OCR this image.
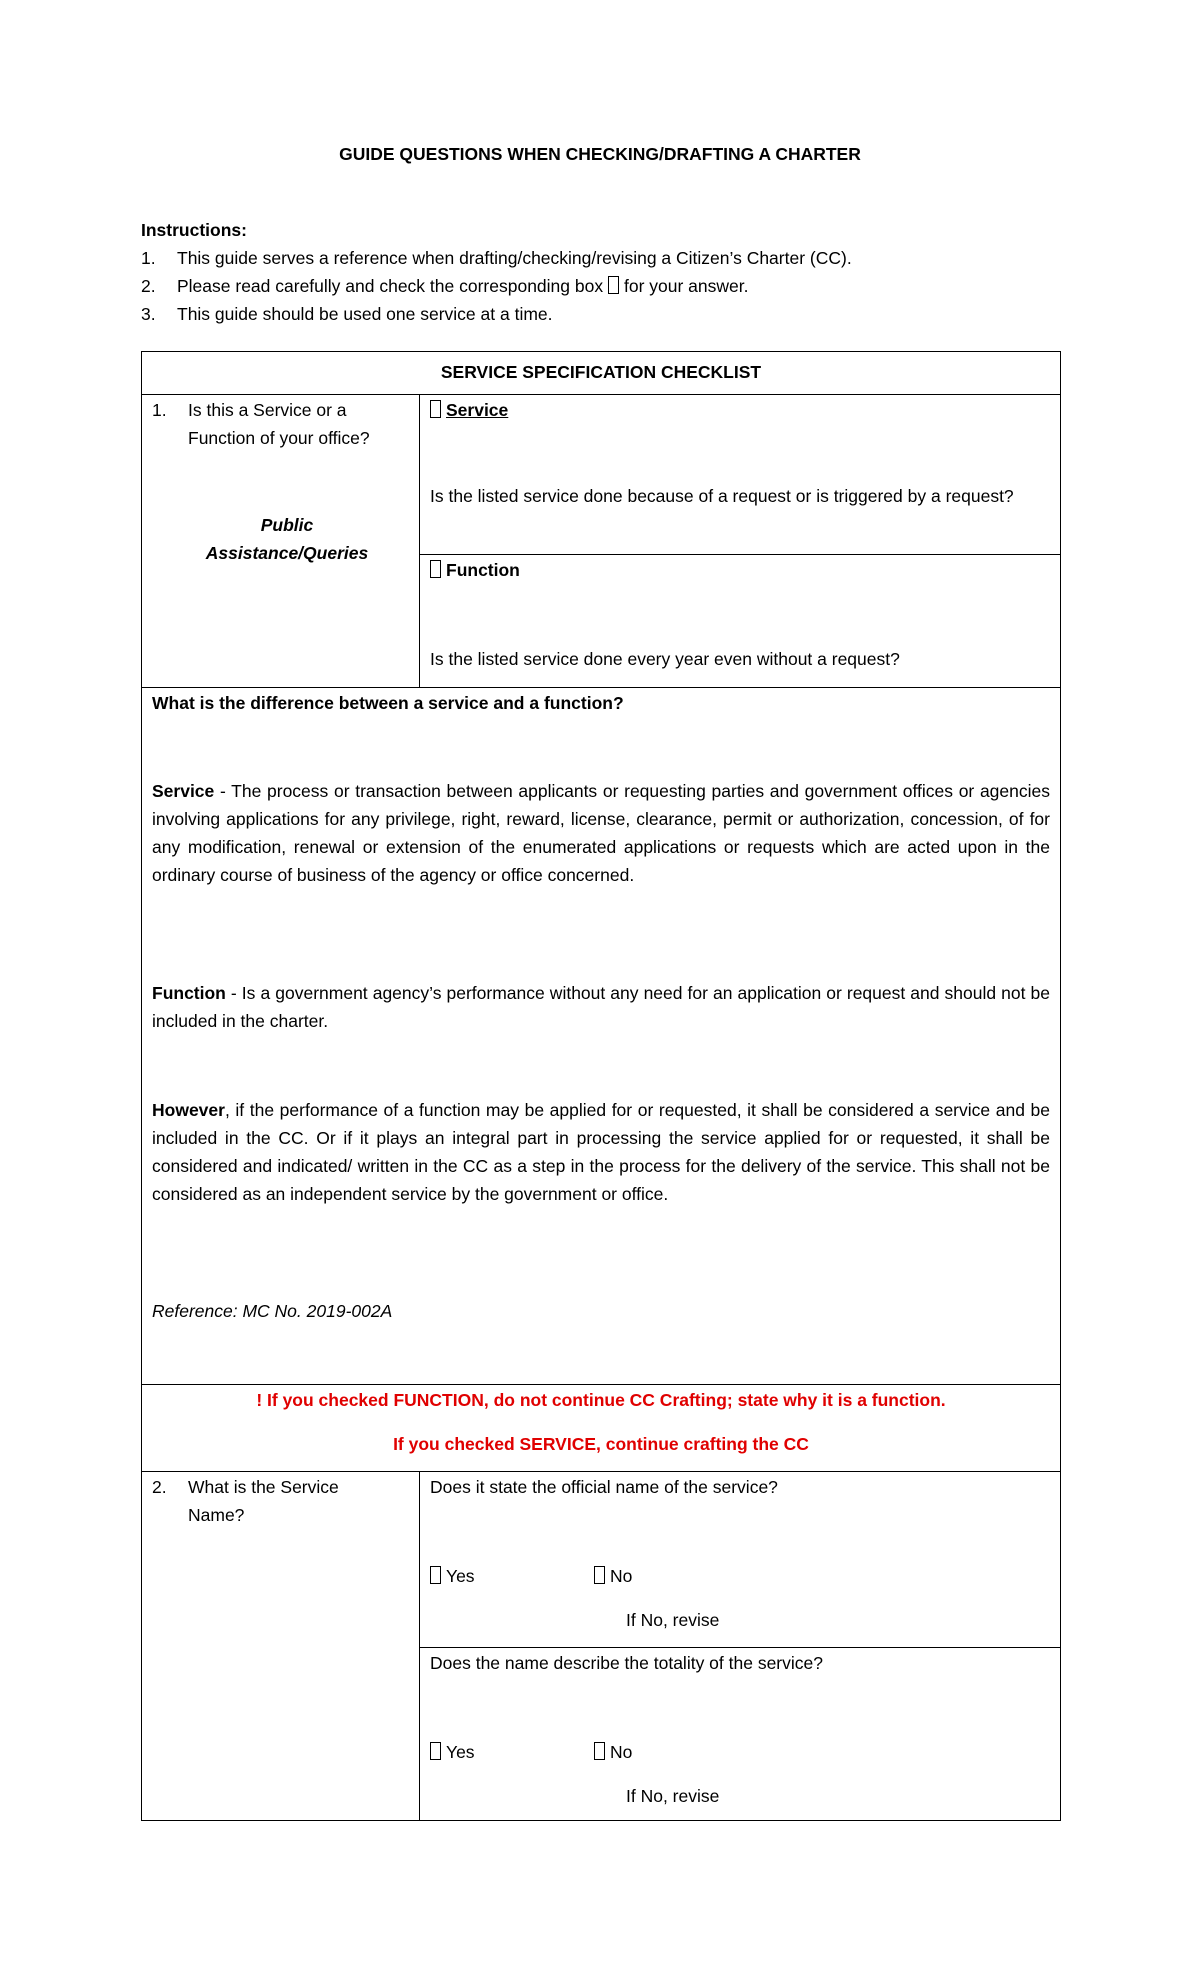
GUIDE QUESTIONS WHEN CHECKING/DRAFTING A CHARTER
Instructions:
1.	This guide serves a reference when drafting/checking/revising a Citizen’s Charter (CC).
2.	Please read carefully and check the corresponding box for your answer.
3.	This guide should be used one service at a time.
SERVICE SPECIFICATION CHECKLIST
1.	Is this a Service or a Function of your office?
Public
Assistance/Queries
Service
Is the listed service done because of a request or is triggered by a request?
Function
Is the listed service done every year even without a request?
What is the difference between a service and a function?
Service - The process or transaction between applicants or requesting parties and government offices or agencies involving applications for any privilege, right, reward, license, clearance, permit or authorization, concession, of for any modification, renewal or extension of the enumerated applications or requests which are acted upon in the ordinary course of business of the agency or office concerned.
Function - Is a government agency’s performance without any need for an application or request and should not be included in the charter.
However, if the performance of a function may be applied for or requested, it shall be considered a service and be included in the CC. Or if it plays an integral part in processing the service applied for or requested, it shall be considered and indicated/ written in the CC as a step in the process for the delivery of the service. This shall not be considered as an independent service by the government or office.
Reference: MC No. 2019-002A
! If you checked FUNCTION, do not continue CC Crafting; state why it is a function.
If you checked SERVICE, continue crafting the CC
2.	What is the Service Name?
Does it state the official name of the service?
Yes	No
If No, revise
Does the name describe the totality of the service?
Yes	No
If No, revise
